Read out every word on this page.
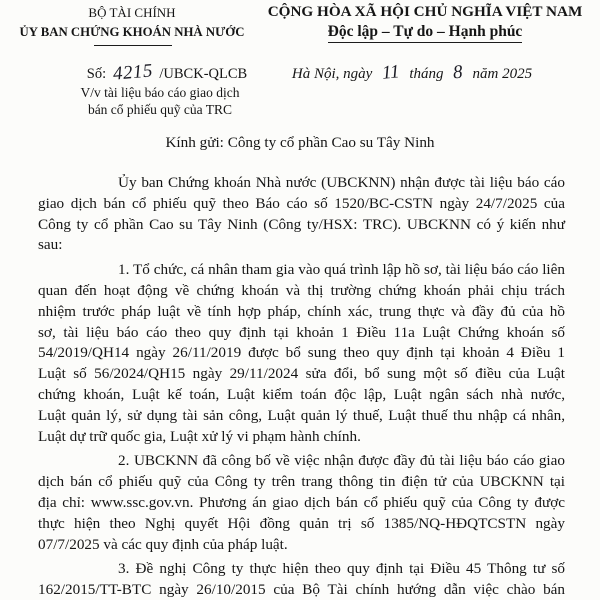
BỘ TÀI CHÍNH
ỦY BAN CHỨNG KHOÁN NHÀ NƯỚC
CỘNG HÒA XÃ HỘI CHỦ NGHĨA VIỆT NAM
Độc lập – Tự do – Hạnh phúc
Số: 4215 /UBCK-QLCB
V/v tài liệu báo cáo giao dịch
bán cổ phiếu quỹ của TRC
Hà Nội, ngày 11 tháng 8 năm 2025
Kính gửi: Công ty cổ phần Cao su Tây Ninh
Ủy ban Chứng khoán Nhà nước (UBCKNN) nhận được tài liệu báo cáo
giao dịch bán cổ phiếu quỹ theo Báo cáo số 1520/BC-CSTN ngày 24/7/2025 của
Công ty cổ phần Cao su Tây Ninh (Công ty/HSX: TRC). UBCKNN có ý kiến như
sau:
1. Tổ chức, cá nhân tham gia vào quá trình lập hồ sơ, tài liệu báo cáo liên
quan đến hoạt động về chứng khoán và thị trường chứng khoán phải chịu trách
nhiệm trước pháp luật về tính hợp pháp, chính xác, trung thực và đầy đủ của hồ
sơ, tài liệu báo cáo theo quy định tại khoản 1 Điều 11a Luật Chứng khoán số
54/2019/QH14 ngày 26/11/2019 được bổ sung theo quy định tại khoản 4 Điều 1
Luật số 56/2024/QH15 ngày 29/11/2024 sửa đổi, bổ sung một số điều của Luật
chứng khoán, Luật kế toán, Luật kiểm toán độc lập, Luật ngân sách nhà nước,
Luật quản lý, sử dụng tài sản công, Luật quản lý thuế, Luật thuế thu nhập cá nhân,
Luật dự trữ quốc gia, Luật xử lý vi phạm hành chính.
2. UBCKNN đã công bố về việc nhận được đầy đủ tài liệu báo cáo giao
dịch bán cổ phiếu quỹ của Công ty trên trang thông tin điện tử của UBCKNN tại
địa chỉ: www.ssc.gov.vn. Phương án giao dịch bán cổ phiếu quỹ của Công ty được
thực hiện theo Nghị quyết Hội đồng quản trị số 1385/NQ-HĐQTCSTN ngày
07/7/2025 và các quy định của pháp luật.
3. Đề nghị Công ty thực hiện theo quy định tại Điều 45 Thông tư số
162/2015/TT-BTC ngày 26/10/2015 của Bộ Tài chính hướng dẫn việc chào bán
